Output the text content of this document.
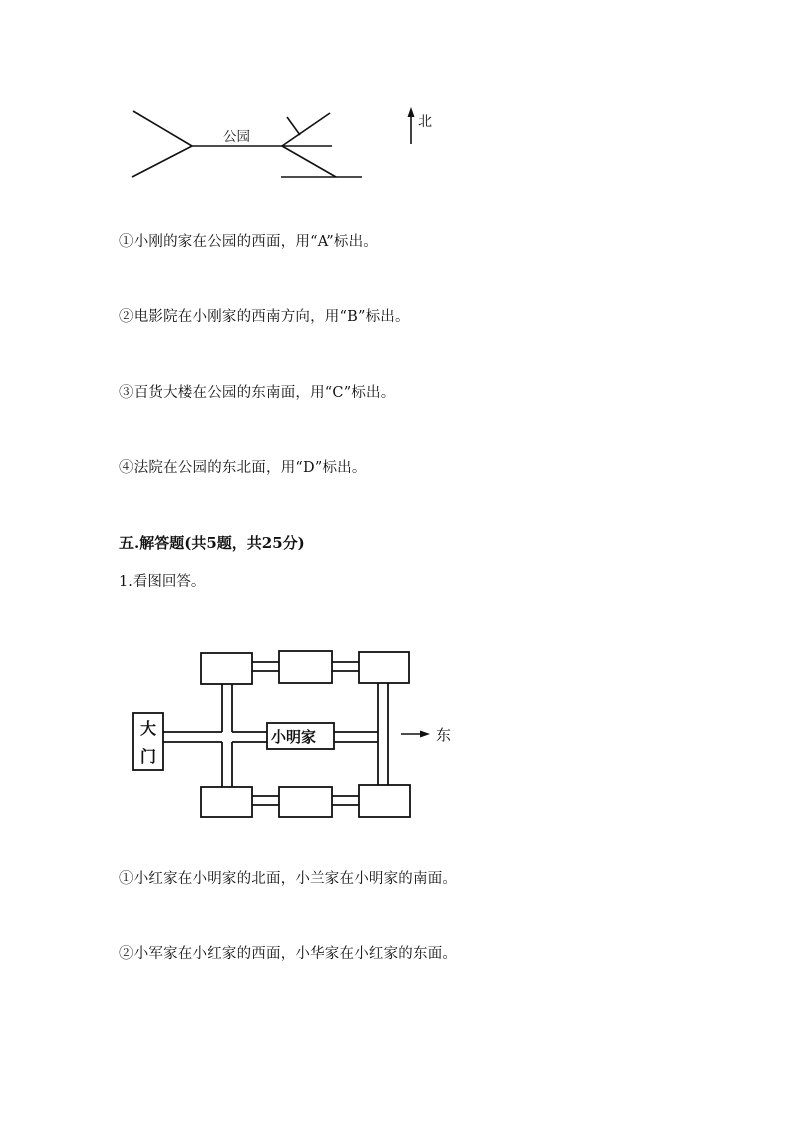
公园
北
①小刚的家在公园的西面，用“A”标出。
②电影院在小刚家的西南方向，用“B”标出。
③百货大楼在公园的东南面，用“C”标出。
④法院在公园的东北面，用“D”标出。
五.解答题(共5题，共25分)
1.看图回答。
大
门
小明家	东
①小红家在小明家的北面，小兰家在小明家的南面。
②小军家在小红家的西面，小华家在小红家的东面。
